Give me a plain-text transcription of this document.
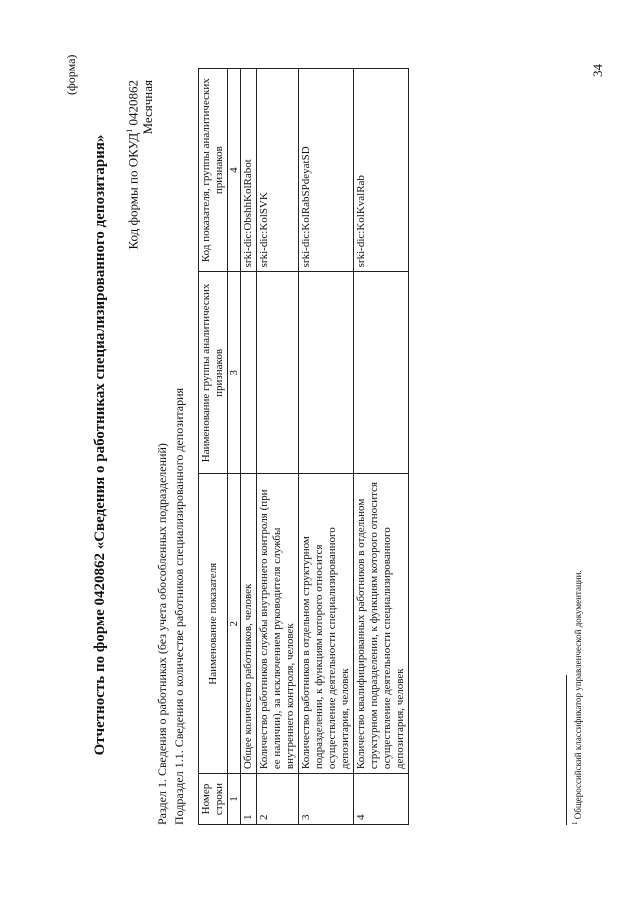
(форма)
Отчетность по форме 0420862 «Сведения о работниках специализированного депозитария» Код формы по ОКУД$^1$ 0420862 Месячная
Раздел 1. Сведения о работниках (без учета обособленных подразделений) Подраздел 1.1. Сведения о количестве работников специализированного депозитария Номер строки	Наименование показателя	Наименование группы аналитических признаков	Код показателя, группы аналитических признаков
1	2	3	4
1	Общее количество работников, человек		srki-dic:ObshhKolRabot
2	Количество работников службы внутреннего контроля (при ее наличии), за исключением руководителя службы внутреннего контроля, человек		srki-dic:KolSVK
3	Количество работников в отдельном структурном подразделении, к функциям которого относится осуществление деятельности специализированного депозитария, человек		srki-dic:KolRabSPdeyatSD
4	Количество квалифицированных работников в отдельном структурном подразделении, к функциям которого относится осуществление деятельности специализированного депозитария, человек		srki-dic:KolKvalRab
$^1$ Общероссийский классификатор управленческой документации.
34
